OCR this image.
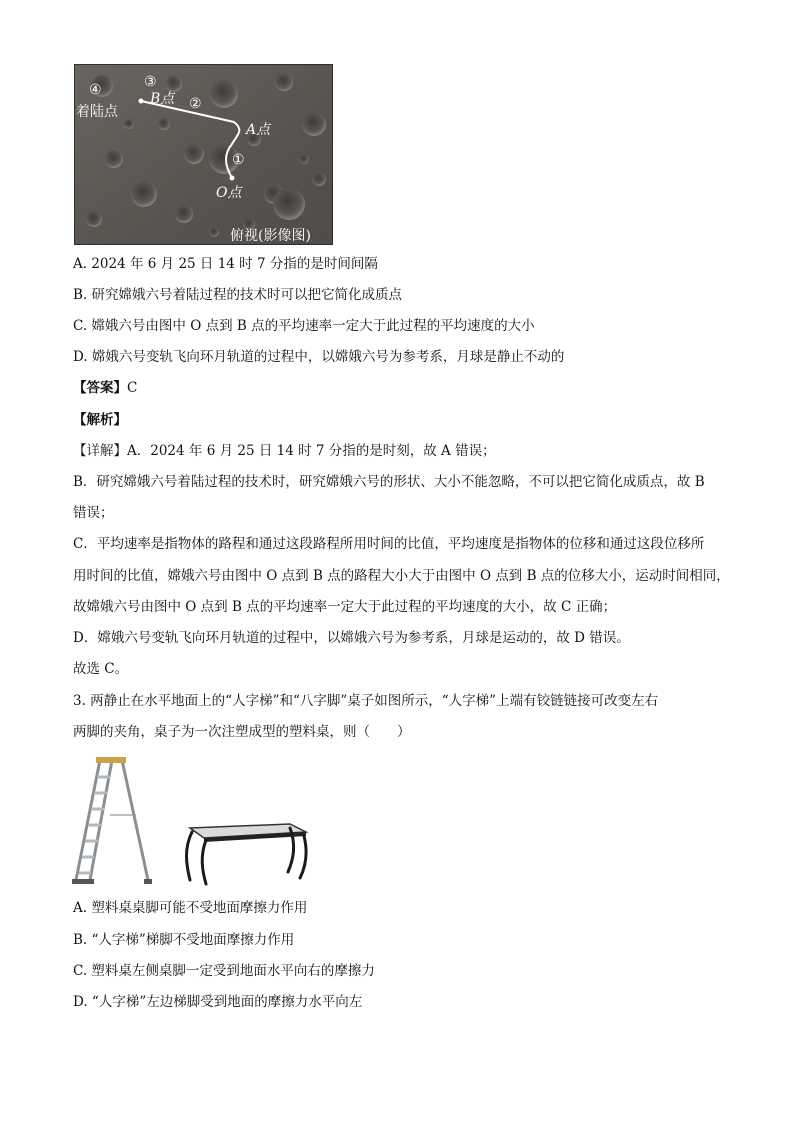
④
着陆点
③
B点 ②
A点
①
O点
俯视(影像图)
A. 2024 年 6 月 25 日 14 时 7 分指的是时间间隔
B. 研究嫦娥六号着陆过程的技术时可以把它简化成质点
C. 嫦娥六号由图中 O 点到 B 点的平均速率一定大于此过程的平均速度的大小
D. 嫦娥六号变轨飞向环月轨道的过程中，以嫦娥六号为参考系，月球是静止不动的
【答案】C
【解析】
【详解】A．2024 年 6 月 25 日 14 时 7 分指的是时刻，故 A 错误；
B．研究嫦娥六号着陆过程的技术时，研究嫦娥六号的形状、大小不能忽略，不可以把它简化成质点，故 B
错误；
C．平均速率是指物体的路程和通过这段路程所用时间的比值，平均速度是指物体的位移和通过这段位移所
用时间的比值，嫦娥六号由图中 O 点到 B 点的路程大小大于由图中 O 点到 B 点的位移大小，运动时间相同，
故嫦娥六号由图中 O 点到 B 点的平均速率一定大于此过程的平均速度的大小，故 C 正确；
D．嫦娥六号变轨飞向环月轨道的过程中，以嫦娥六号为参考系，月球是运动的，故 D 错误。
故选 C。
3. 两静止在水平地面上的“人字梯”和“八字脚”桌子如图所示，“人字梯”上端有铰链链接可改变左右
两脚的夹角，桌子为一次注塑成型的塑料桌，则（　　）
A. 塑料桌桌脚可能不受地面摩擦力作用
B. “人字梯”梯脚不受地面摩擦力作用
C. 塑料桌左侧桌脚一定受到地面水平向右的摩擦力
D. “人字梯”左边梯脚受到地面的摩擦力水平向左
